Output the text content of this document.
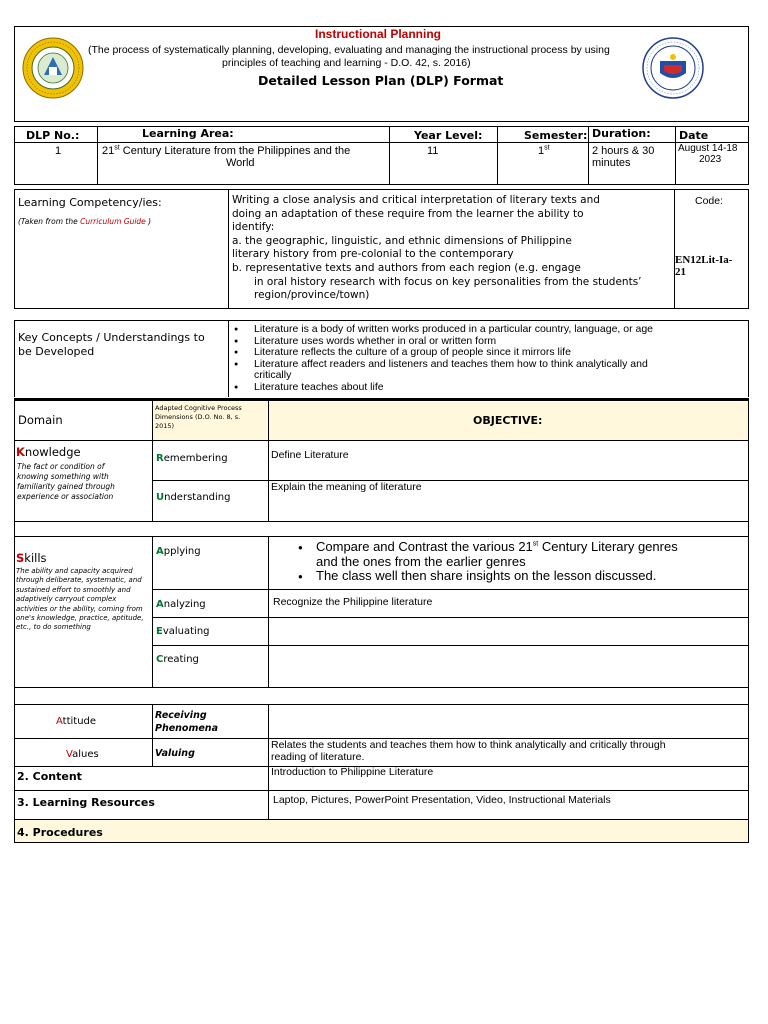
Instructional Planning
(The process of systematically planning, developing, evaluating and managing the instructional process by using
principles of teaching and learning - D.O. 42, s. 2016)
Detailed Lesson Plan (DLP) Format
DLP No.:	Learning Area:	Year Level:	Semester: Duration:	Date
1	21st Century Literature from the Philippines and the
World
11	1st	2 hours & 30
minutes
August 14-18
2023
Learning Competency/ies:
(Taken from the Curriculum Guide )
Writing a close analysis and critical interpretation of literary texts and
doing an adaptation of these require from the learner the ability to
identify:
a. the geographic, linguistic, and ethnic dimensions of Philippine
literary history from pre-colonial to the contemporary
b. representative texts and authors from each region (e.g. engage
in oral history research with focus on key personalities from the students’
region/province/town)
Code:
EN12Lit-Ia-
21
Key Concepts / Understandings to
be Developed
● Literature is a body of written works produced in a particular country, language, or age
● Literature uses words whether in oral or written form
● Literature reflects the culture of a group of people since it mirrors life
● Literature affect readers and listeners and teaches them how to think analytically and
critically
● Literature teaches about life
Domain
Adapted Cognitive Process
Dimensions (D.O. No. 8, s.
2015)	OBJECTIVE:
Knowledge
The fact or condition of knowing something with familiarity gained through experience or association
Remembering	Define Literature
Understanding
Explain the meaning of literature
Skills
The ability and capacity acquired through deliberate, systematic, and sustained effort to smoothly and adaptively carryout complex activities or the ability, coming from one's knowledge, practice, aptitude, etc., to do something
Applying
●	Compare and Contrast the various 21st Century Literary genres
and the ones from the earlier genres
● The class well then share insights on the lesson discussed.
Analyzing	Recognize the Philippine literature
Evaluating
Creating
Attitude
Receiving
Phenomena
Values	Valuing
Relates the students and teaches them how to think analytically and critically through
reading of literature.
2. Content	Introduction to Philippine Literature
3. Learning Resources	Laptop, Pictures, PowerPoint Presentation, Video, Instructional Materials
4. Procedures
